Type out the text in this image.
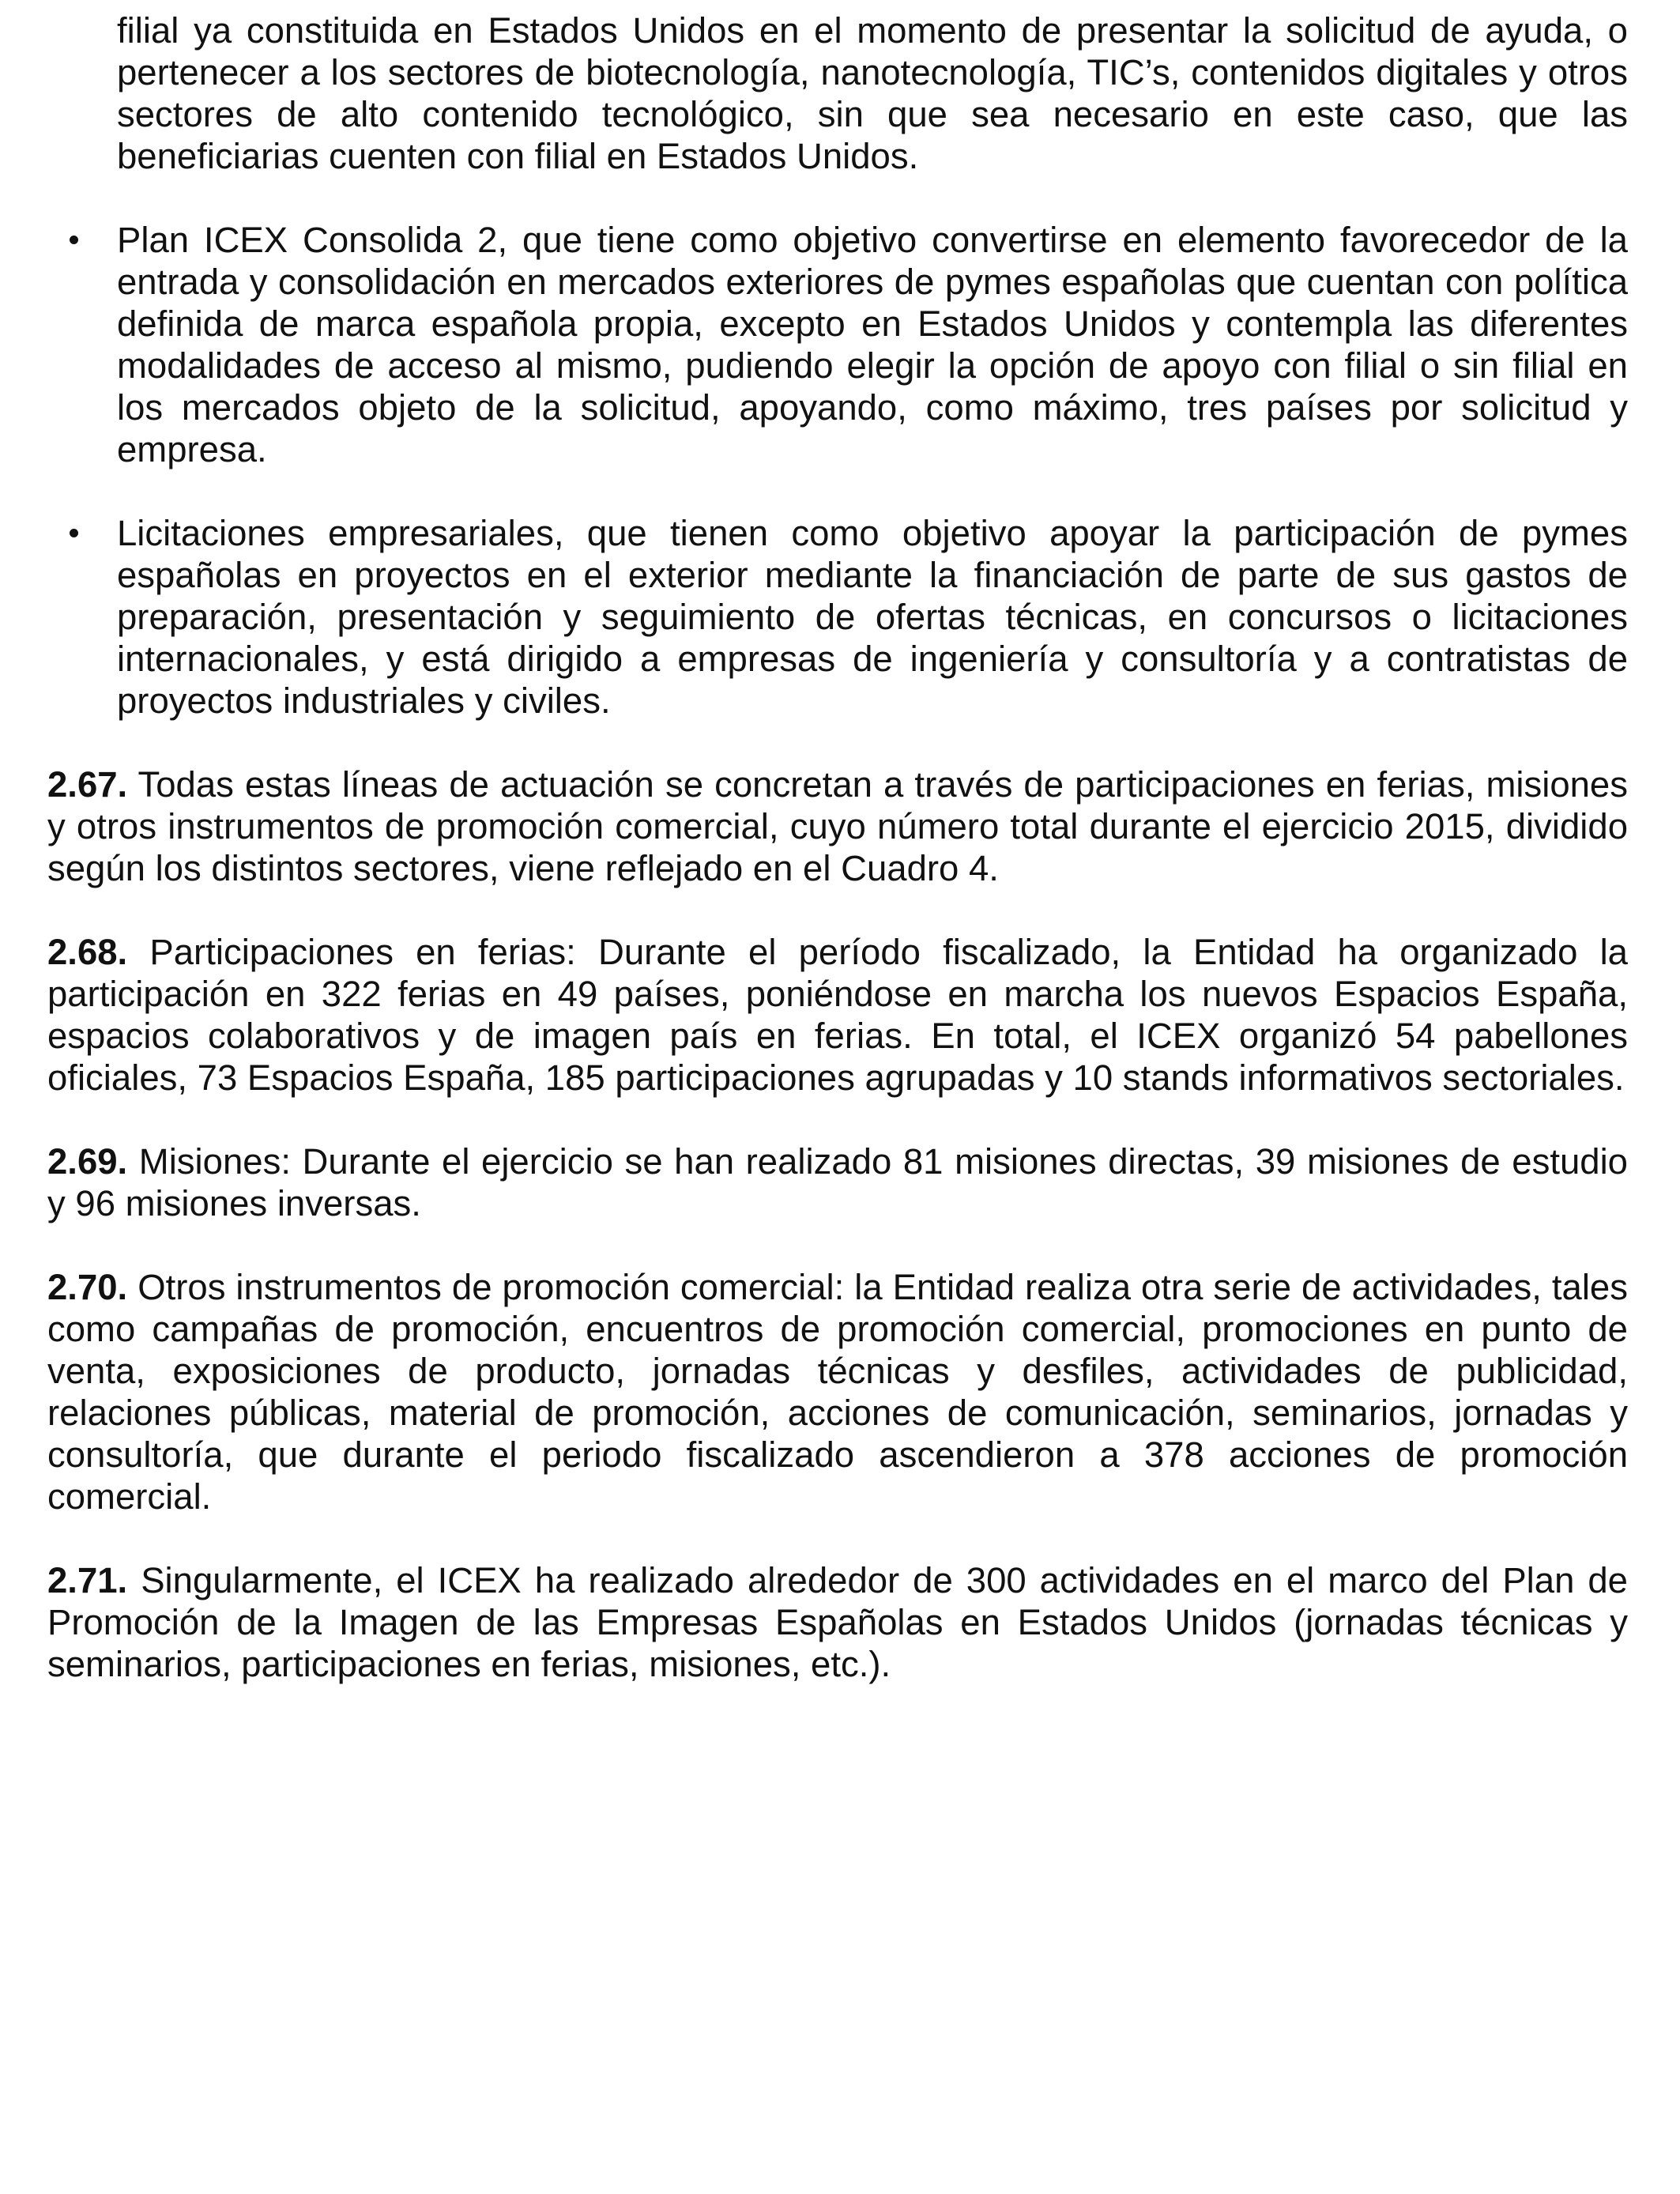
filial ya constituida en Estados Unidos en el momento de presentar la solicitud de ayuda, o pertenecer a los sectores de biotecnología, nanotecnología, TIC’s, contenidos digitales y otros sectores de alto contenido tecnológico, sin que sea necesario en este caso, que las beneficiarias cuenten con filial en Estados Unidos.

Plan ICEX Consolida 2, que tiene como objetivo convertirse en elemento favorecedor de la entrada y consolidación en mercados exteriores de pymes españolas que cuentan con política definida de marca española propia, excepto en Estados Unidos y contempla las diferentes modalidades de acceso al mismo, pudiendo elegir la opción de apoyo con filial o sin filial en los mercados objeto de la solicitud, apoyando, como máximo, tres países por solicitud y empresa.

Licitaciones empresariales, que tienen como objetivo apoyar la participación de pymes españolas en proyectos en el exterior mediante la financiación de parte de sus gastos de preparación, presentación y seguimiento de ofertas técnicas, en concursos o licitaciones internacionales, y está dirigido a empresas de ingeniería y consultoría y a contratistas de proyectos industriales y civiles.

2.67. Todas estas líneas de actuación se concretan a través de participaciones en ferias, misiones y otros instrumentos de promoción comercial, cuyo número total durante el ejercicio 2015, dividido según los distintos sectores, viene reflejado en el Cuadro 4.

2.68. Participaciones en ferias: Durante el período fiscalizado, la Entidad ha organizado la participación en 322 ferias en 49 países, poniéndose en marcha los nuevos Espacios España, espacios colaborativos y de imagen país en ferias. En total, el ICEX organizó 54 pabellones oficiales, 73 Espacios España, 185 participaciones agrupadas y 10 stands informativos sectoriales.

2.69. Misiones: Durante el ejercicio se han realizado 81 misiones directas, 39 misiones de estudio y 96 misiones inversas.

2.70. Otros instrumentos de promoción comercial: la Entidad realiza otra serie de actividades, tales como campañas de promoción, encuentros de promoción comercial, promociones en punto de venta, exposiciones de producto, jornadas técnicas y desfiles, actividades de publicidad, relaciones públicas, material de promoción, acciones de comunicación, seminarios, jornadas y consultoría, que durante el periodo fiscalizado ascendieron a 378 acciones de promoción comercial.

2.71. Singularmente, el ICEX ha realizado alrededor de 300 actividades en el marco del Plan de Promoción de la Imagen de las Empresas Españolas en Estados Unidos (jornadas técnicas y seminarios, participaciones en ferias, misiones, etc.).
